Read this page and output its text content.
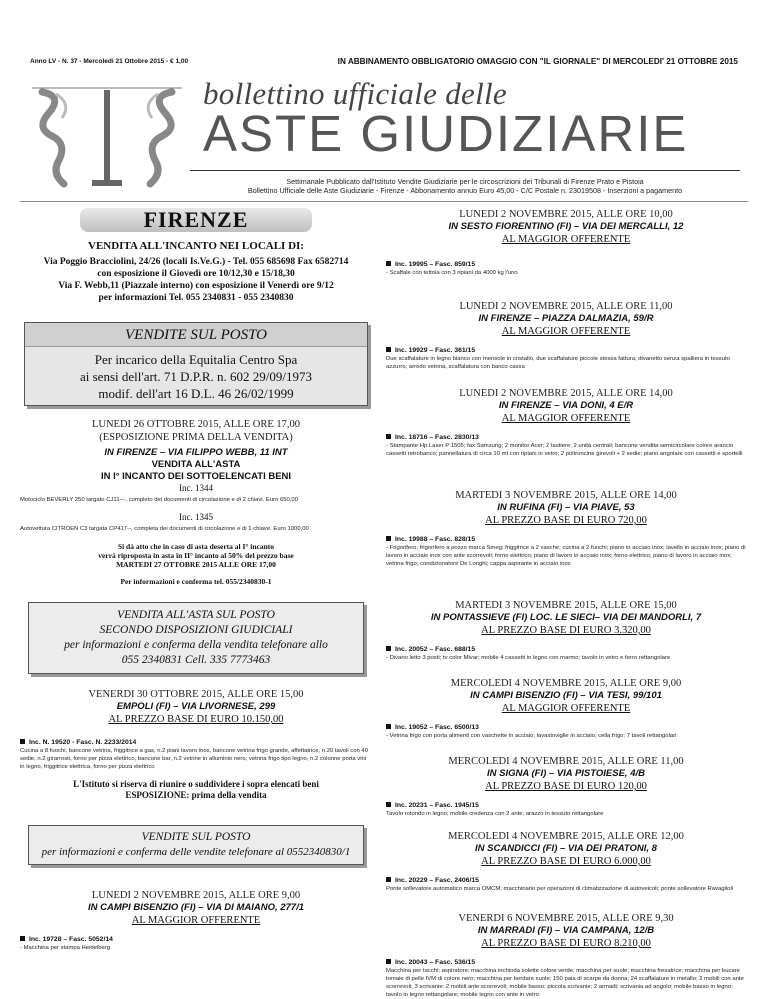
Anno LV - N. 37 - Mercoledì 21 Ottobre 2015 - € 1,00	IN ABBINAMENTO OBBLIGATORIO OMAGGIO CON "IL GIORNALE" DI MERCOLEDI' 21 OTTOBRE 2015
bollettino ufficiale delle
ASTE GIUDIZIARIE
Settimanale Pubblicato dall'Istituto Vendite Giudiziarie per le circoscrizioni dei Tribunali di Firenze Prato e Pistoia
Bollettino Ufficiale delle Aste Giudiziarie - Firenze - Abbonamento annuo Euro 45,00 - C/C Postale n. 23019508 - Inserzioni a pagamento
FIRENZE
VENDITA ALL'INCANTO NEI LOCALI DI:
Via Poggio Bracciolini, 24/26 (locali Is.Ve.G.) - Tel. 055 685698 Fax 6582714
con esposizione il Giovedì ore 10/12,30 e 15/18,30
Via F. Webb,11 (Piazzale interno) con esposizione il Venerdì ore 9/12
per informazioni Tel. 055 2340831 - 055 2340830
VENDITE SUL POSTO
Per incarico della Equitalia Centro Spa
ai sensi dell'art. 71 D.P.R. n. 602 29/09/1973
modif. dell'art 16 D.L. 46 26/02/1999
LUNEDI 26 OTTOBRE 2015, ALLE ORE 17,00
(ESPOSIZIONE PRIMA DELLA VENDITA)
IN FIRENZE – VIA FILIPPO WEBB, 11 INT
VENDITA ALL'ASTA
IN I° INCANTO DEI SOTTOELENCATI BENI
Inc. 1344
Motociclo BEVERLY 250 targato CJ11---, completo dei documenti di circolazione e di 2 chiavi. Euro 650,00
Inc. 1345
Autovettura CITROEN C3 targata CP417--, completa dei documenti di circolazione e di 1 chiave. Euro 1000,00
Si dà atto che in caso di asta deserta al I° incanto
verrà riproposta in asta in II° incanto al 50% del prezzo base
MARTEDI 27 OTTOBRE 2015 ALLE ORE 17,00
Per informazioni e conferma tel. 055/2340830-1
VENDITA ALL'ASTA SUL POSTO
SECONDO DISPOSIZIONI GIUDICIALI
per informazioni e conferma della vendita telefonare allo
055 2340831 Cell. 335 7773463
VENERDI 30 OTTOBRE 2015, ALLE ORE 15,00
EMPOLI (FI) – VIA LIVORNESE, 299
AL PREZZO BASE DI EURO 10.150,00
Inc. N. 19520 - Fasc. N. 2233/2014
Cucina a 8 fuochi, bancone vetrina, friggitrice a gas, n.2 piani lavoro inox, bancone vetrina frigo grande, affettatrice, n.20 tavoli con 40 sedie, n.2 girarrosti, forno per pizza elettrico, bancone bar, n.2 vetrine in alluminio nero, vetrina frigo tipo legno, n.2 colonne porta vini in legno, friggitrice elettrica, forno per pizza elettrico
L'Istituto si riserva di riunire o suddividere i sopra elencati beni
ESPOSIZIONE: prima della vendita
VENDITE SUL POSTO
per informazioni e conferma delle vendite telefonare al 0552340830/1
LUNEDI 2 NOVEMBRE 2015, ALLE ORE 9,00
IN CAMPI BISENZIO (FI) – VIA DI MAIANO, 277/1
AL MAGGIOR OFFERENTE
Inc. 19728 – Fasc. 5052/14
- Macchina per stampa Heidelberg
LUNEDI 2 NOVEMBRE 2015, ALLE ORE 10,00
IN SESTO FIORENTINO (FI) – VIA DEI MERCALLI, 12
AL MAGGIOR OFFERENTE
Inc. 19995 – Fasc. 859/15
- Scaffale con tettoia con 3 ripiani da 4000 kg l'uno
LUNEDI 2 NOVEMBRE 2015, ALLE ORE 11,00
IN FIRENZE – PIAZZA DALMAZIA, 59/R
AL MAGGIOR OFFERENTE
Inc. 19929 – Fasc. 361/15
Due scaffalature in legno bianco con mensole in cristallo, due scaffalature piccole stessa fattura, divanetto senza spalliera in tessuto azzurro, arredo vetrina, scaffalatura con banco cassa
LUNEDI 2 NOVEMBRE 2015, ALLE ORE 14,00
IN FIRENZE – VIA DONI, 4 E/R
AL MAGGIOR OFFERENTE
Inc. 18716 – Fasc. 2830/13
- Stampante Hp Laser P 1505; fax Samsung; 2 monitor Acer; 2 tastiere; 2 unità centrali; bancone vendita semicircolare colore arancio cassetti retrobanco; pannellatura di circa 10 mt con ripiani in vetro; 2 poltroncine girevoli + 2 sedie; piano angolare con cassetti e sportelli
MARTEDI 3 NOVEMBRE 2015, ALLE ORE 14,00
IN RUFINA (FI) – VIA PIAVE, 53
AL PREZZO BASE DI EURO 720,00
Inc. 19988 – Fasc. 828/15
- Frigorifero; frigorifero a pozzo marca Smeg; friggitrice a 2 vasche; cucina a 2 fuochi; piano in acciaio inox; lavello in acciaio inox; piano di lavoro in acciaio inox con ante scorrevoli; forno elettrico; piano di lavoro in acciaio inox; forno elettrico; piano di lavoro in acciaio inox; vetrina frigo; condizionatore De Longhi; cappa aspirante in acciaio inox
MARTEDI 3 NOVEMBRE 2015, ALLE ORE 15,00
IN PONTASSIEVE (FI) LOC. LE SIECI– VIA DEI MANDORLI, 7
AL PREZZO BASE DI EURO 3.320,00
Inc. 20052 – Fasc. 688/15
- Divano letto 3 posti; tv color Mivar; mobile 4 cassetti in legno con marmo; tavolo in vetro e ferro rettangolare
MERCOLEDI 4 NOVEMBRE 2015, ALLE ORE 9,00
IN CAMPI BISENZIO (FI) – VIA TESI, 99/101
AL MAGGIOR OFFERENTE
Inc. 19052 – Fasc. 6500/13
- Vetrina frigo con porta alimenti con vaschette in acciaio; lavastoviglie in acciaio; cella frigo; 7 tavoli rettangolari
MERCOLEDI 4 NOVEMBRE 2015, ALLE ORE 11,00
IN SIGNA (FI) – VIA PISTOIESE, 4/B
AL PREZZO BASE DI EURO 120,00
Inc. 20231 – Fasc. 1945/15
Tavolo rotondo in legno; mobile credenza con 2 ante; arazzo in tessuto rettangolare
MERCOLEDI 4 NOVEMBRE 2015, ALLE ORE 12,00
IN SCANDICCI (FI) – VIA DEI PRATONI, 8
AL PREZZO BASE DI EURO 6.000,00
Inc. 20229 – Fasc. 2406/15
Ponte sollevatore automatico marca OMCM; macchinario per operazioni di climatizzazione di autoveicoli; ponte sollevatore Ravaglioli
VENERDI 6 NOVEMBRE 2015, ALLE ORE 9,30
IN MARRADI (FI) – VIA CAMPANA, 12/B
AL PREZZO BASE DI EURO 8.210,00
Inc. 20043 – Fasc. 536/15
Macchina per tacchi; aspiratore; macchina inchioda solette colore verde; macchina per suole; macchina fresatrice; macchina per bucare tomaie di pelle IVM di colore nero; macchina per bordare suole; 150 paia di scarpe da donna; 24 scaffalature in metallo; 2 mobili con ante scorrevoli; 3 scrivanie; 2 mobili ante scorrevoli; mobile basso; piccola scrivanie; 2 armadi; scrivania ad angolo; mobile basso in legno; tavolo in legno rettangolare; mobile legno con ante in vetro
